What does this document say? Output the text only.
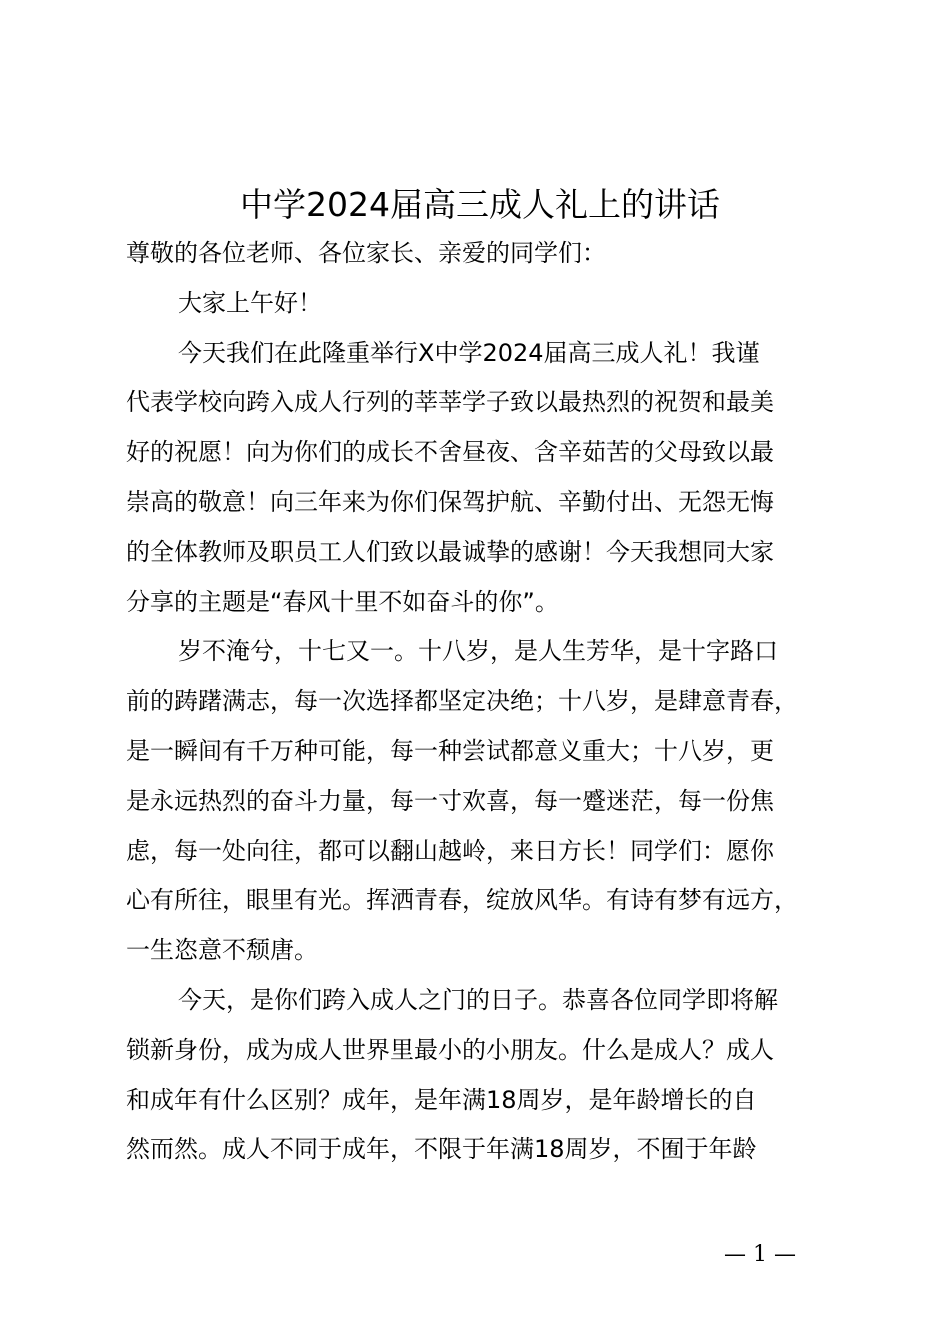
中学2024届高三成人礼上的讲话
尊敬的各位老师、各位家长、亲爱的同学们：
大家上午好！
今天我们在此隆重举行X中学2024届高三成人礼！我谨
代表学校向跨入成人行列的莘莘学子致以最热烈的祝贺和最美
好的祝愿！向为你们的成长不舍昼夜、含辛茹苦的父母致以最
崇高的敬意！向三年来为你们保驾护航、辛勤付出、无怨无悔
的全体教师及职员工人们致以最诚挚的感谢！今天我想同大家
分享的主题是“春风十里不如奋斗的你”。
岁不淹兮，十七又一。十八岁，是人生芳华，是十字路口
前的踌躇满志，每一次选择都坚定决绝；十八岁，是肆意青春，
是一瞬间有千万种可能，每一种尝试都意义重大；十八岁，更
是永远热烈的奋斗力量，每一寸欢喜，每一蹙迷茫，每一份焦
虑，每一处向往，都可以翻山越岭，来日方长！同学们：愿你
心有所往，眼里有光。挥洒青春，绽放风华。有诗有梦有远方，
一生恣意不颓唐。
今天，是你们跨入成人之门的日子。恭喜各位同学即将解
锁新身份，成为成人世界里最小的小朋友。什么是成人？成人
和成年有什么区别？成年，是年满18周岁，是年龄增长的自
然而然。成人不同于成年，不限于年满18周岁，不囿于年龄
— 1 —
